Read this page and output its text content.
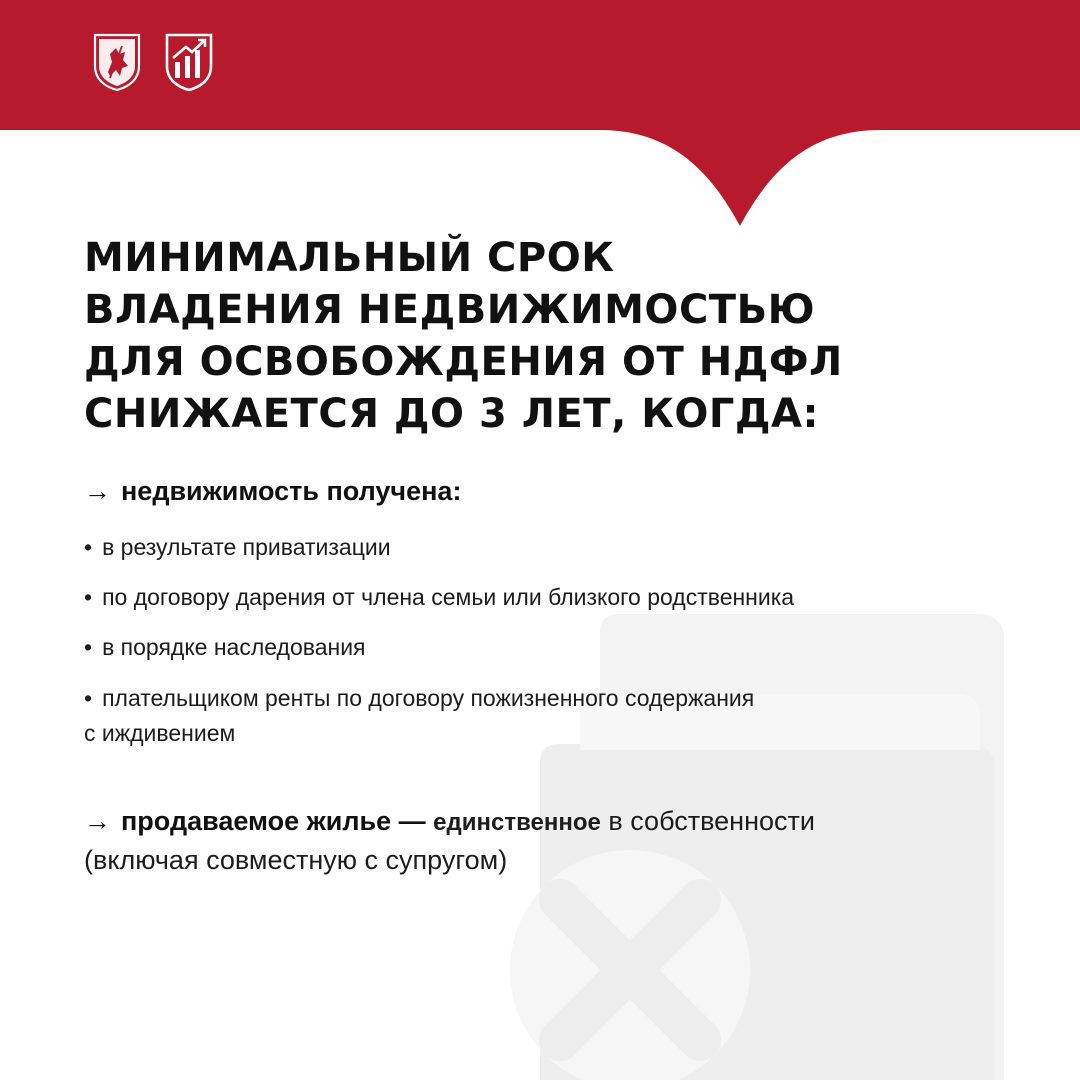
МИНИМАЛЬНЫЙ СРОК
ВЛАДЕНИЯ НЕДВИЖИМОСТЬЮ
ДЛЯ ОСВОБОЖДЕНИЯ ОТ НДФЛ
СНИЖАЕТСЯ ДО 3 ЛЕТ, КОГДА:
→ недвижимость получена:
• в результате приватизации
• по договору дарения от члена семьи или близкого родственника
• в порядке наследования
• плательщиком ренты по договору пожизненного содержания
с иждивением
→ продаваемое жилье — единственное в собственности
(включая совместную с супругом)
